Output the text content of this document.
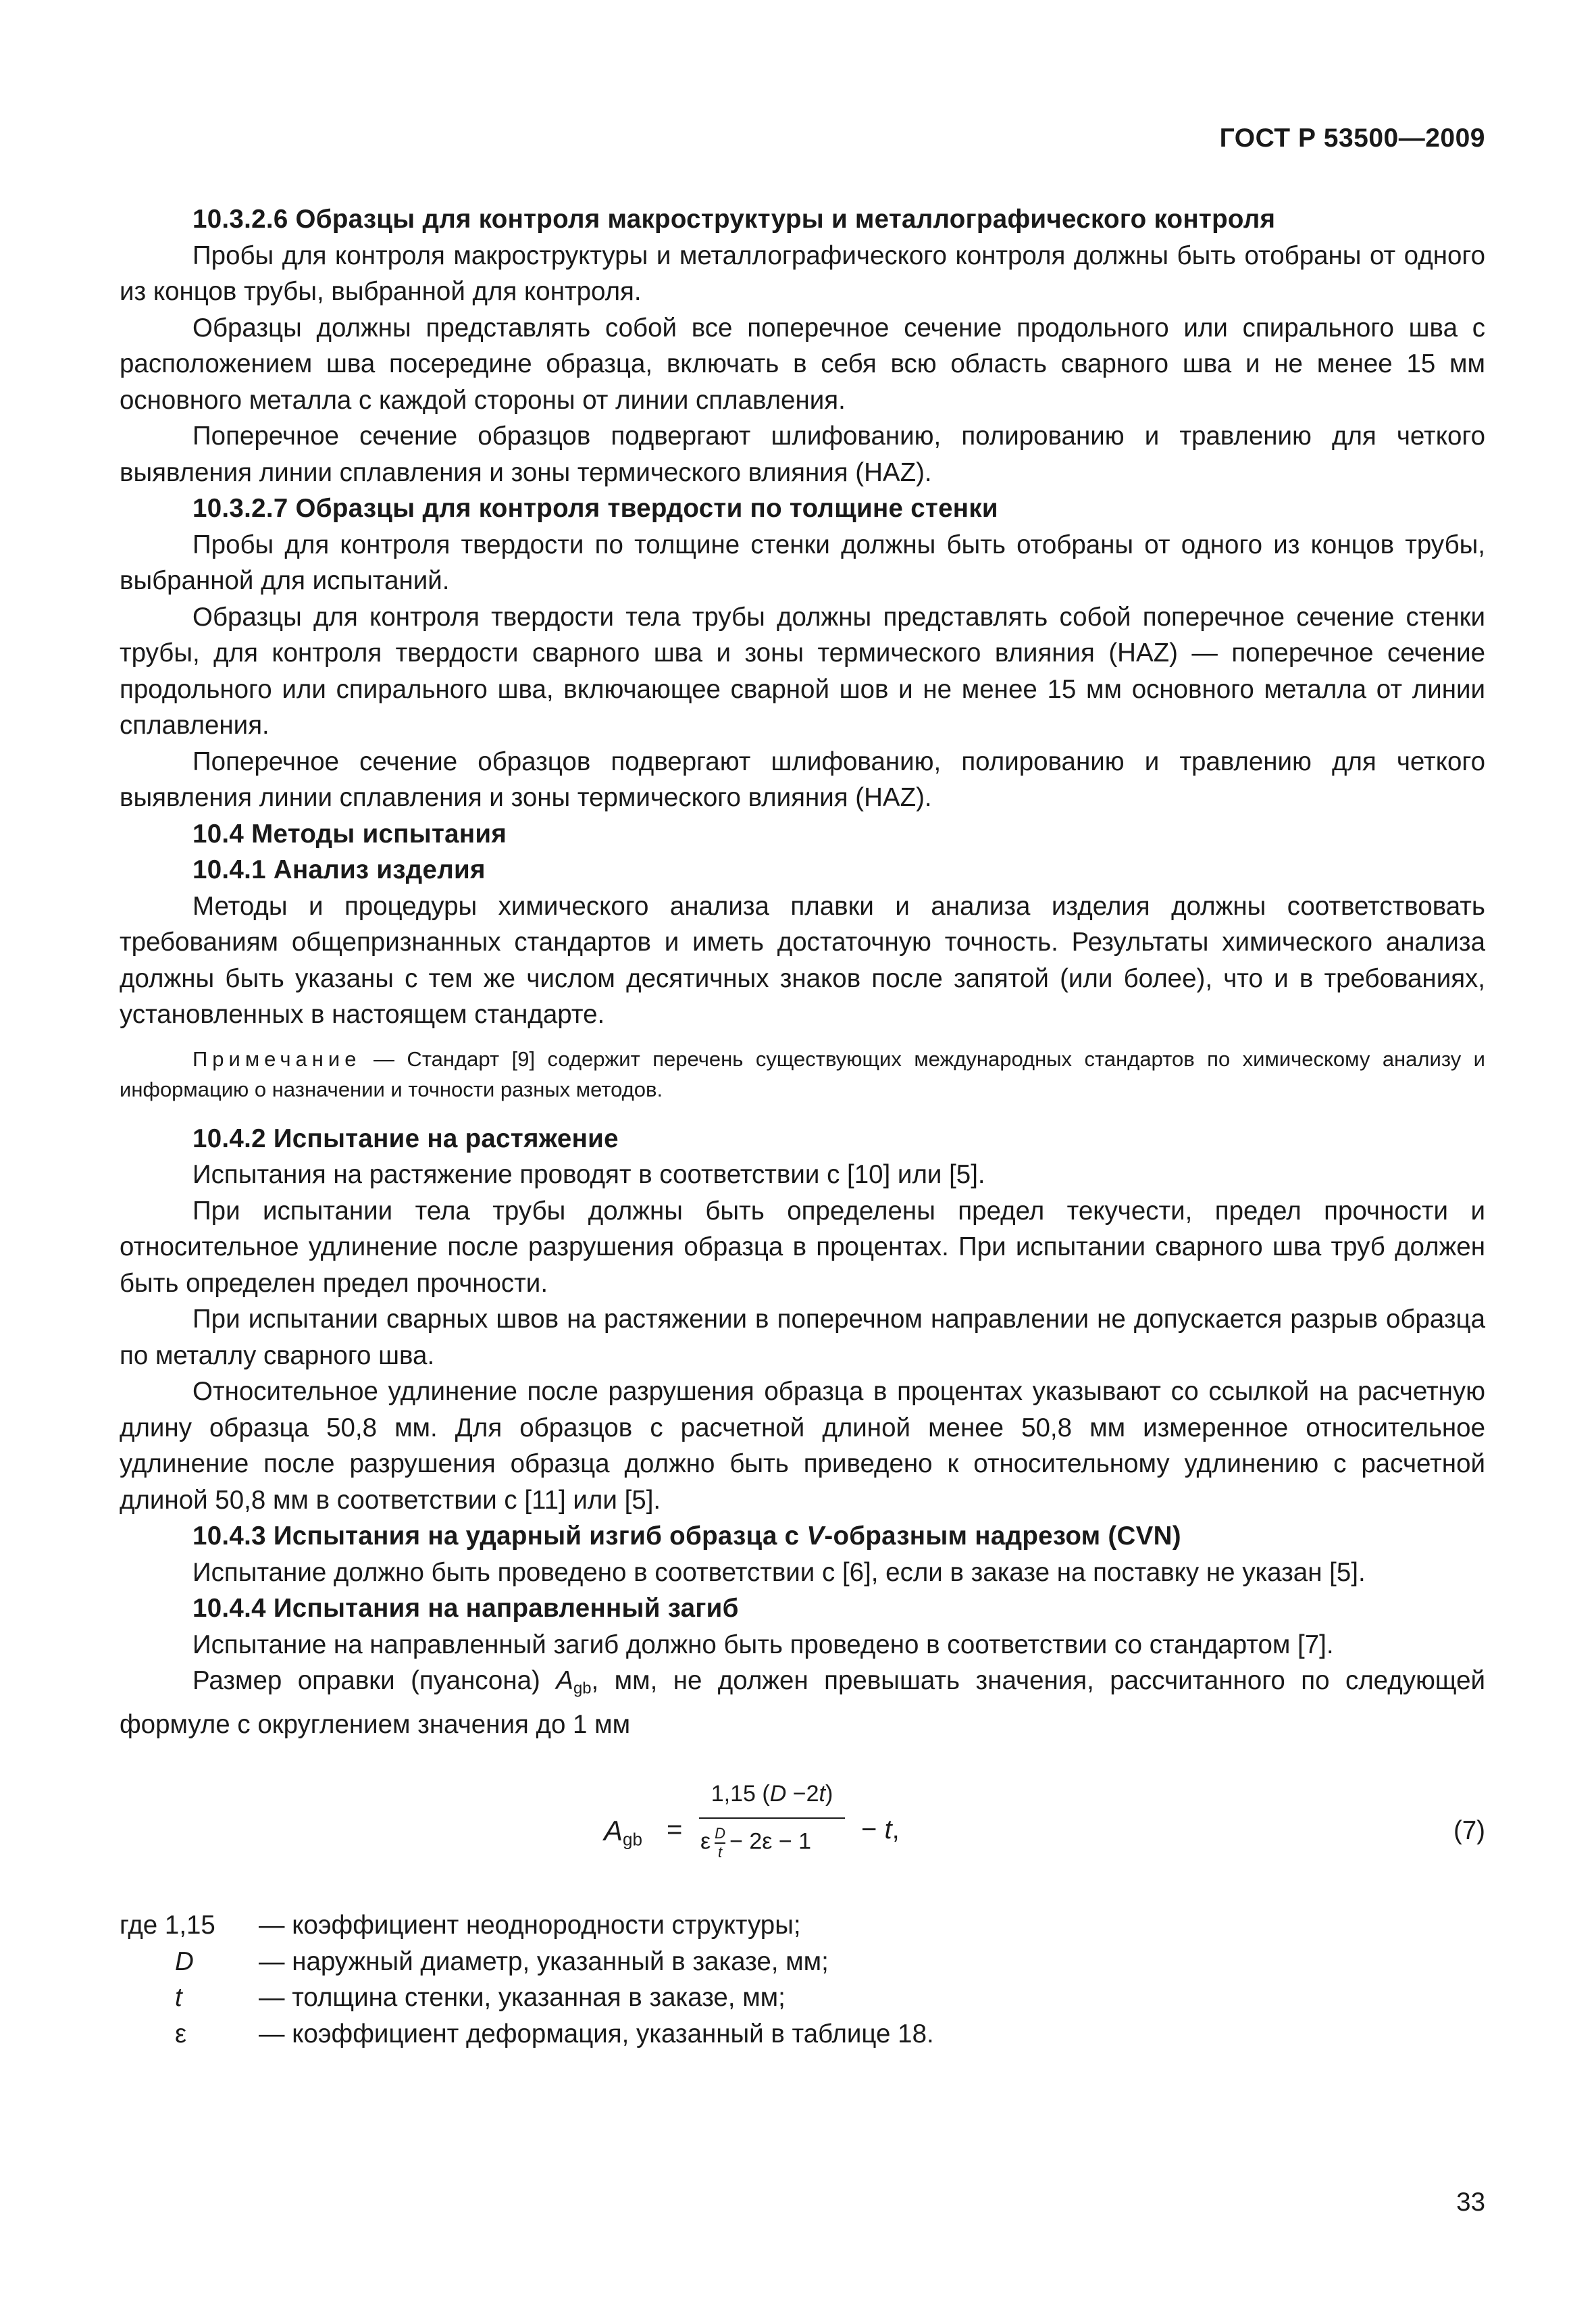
ГОСТ Р 53500—2009
10.3.2.6 Образцы для контроля макроструктуры и металлографического контроля

Пробы для контроля макроструктуры и металлографического контроля должны быть отобраны от одного из концов трубы, выбранной для контроля.

Образцы должны представлять собой все поперечное сечение продольного или спирального шва с расположением шва посередине образца, включать в себя всю область сварного шва и не менее 15 мм основного металла с каждой стороны от линии сплавления.

Поперечное сечение образцов подвергают шлифованию, полированию и травлению для четкого выявления линии сплавления и зоны термического влияния (HAZ).

10.3.2.7 Образцы для контроля твердости по толщине стенки

Пробы для контроля твердости по толщине стенки должны быть отобраны от одного из концов трубы, выбранной для испытаний.

Образцы для контроля твердости тела трубы должны представлять собой поперечное сечение стенки трубы, для контроля твердости сварного шва и зоны термического влияния (HAZ) — поперечное сечение продольного или спирального шва, включающее сварной шов и не менее 15 мм основного металла от линии сплавления.

Поперечное сечение образцов подвергают шлифованию, полированию и травлению для четкого выявления линии сплавления и зоны термического влияния (HAZ).

10.4 Методы испытания
10.4.1 Анализ изделия

Методы и процедуры химического анализа плавки и анализа изделия должны соответствовать требованиям общепризнанных стандартов и иметь достаточную точность. Результаты химического анализа должны быть указаны с тем же числом десятичных знаков после запятой (или более), что и в требованиях, установленных в настоящем стандарте.

Примечание — Стандарт [9] содержит перечень существующих международных стандартов по химическому анализу и информацию о назначении и точности разных методов.

10.4.2 Испытание на растяжение

Испытания на растяжение проводят в соответствии с [10] или [5].

При испытании тела трубы должны быть определены предел текучести, предел прочности и относительное удлинение после разрушения образца в процентах. При испытании сварного шва труб должен быть определен предел прочности.

При испытании сварных швов на растяжении в поперечном направлении не допускается разрыв образца по металлу сварного шва.

Относительное удлинение после разрушения образца в процентах указывают со ссылкой на расчетную длину образца 50,8 мм. Для образцов с расчетной длиной менее 50,8 мм измеренное относительное удлинение после разрушения образца должно быть приведено к относительному удлинению с расчетной длиной 50,8 мм в соответствии с [11] или [5].

10.4.3 Испытания на ударный изгиб образца с V-образным надрезом (CVN)

Испытание должно быть проведено в соответствии с [6], если в заказе на поставку не указан [5].

10.4.4 Испытания на направленный загиб

Испытание на направленный загиб должно быть проведено в соответствии со стандартом [7].

Размер оправки (пуансона) $A_{gb}$, мм, не должен превышать значения, рассчитанного по следующей формуле с округлением значения до 1 мм

$A_{gb}$ =
1,15 (D −2t)
ε $\frac{D}{t} - 2\varepsilon - 1$	− t,	(7)
где 1,15 — коэффициент неоднородности структуры;
D — наружный диаметр, указанный в заказе, мм;
t	— толщина стенки, указанная в заказе, мм;
ε	— коэффициент деформация, указанный в таблице 18.
33
